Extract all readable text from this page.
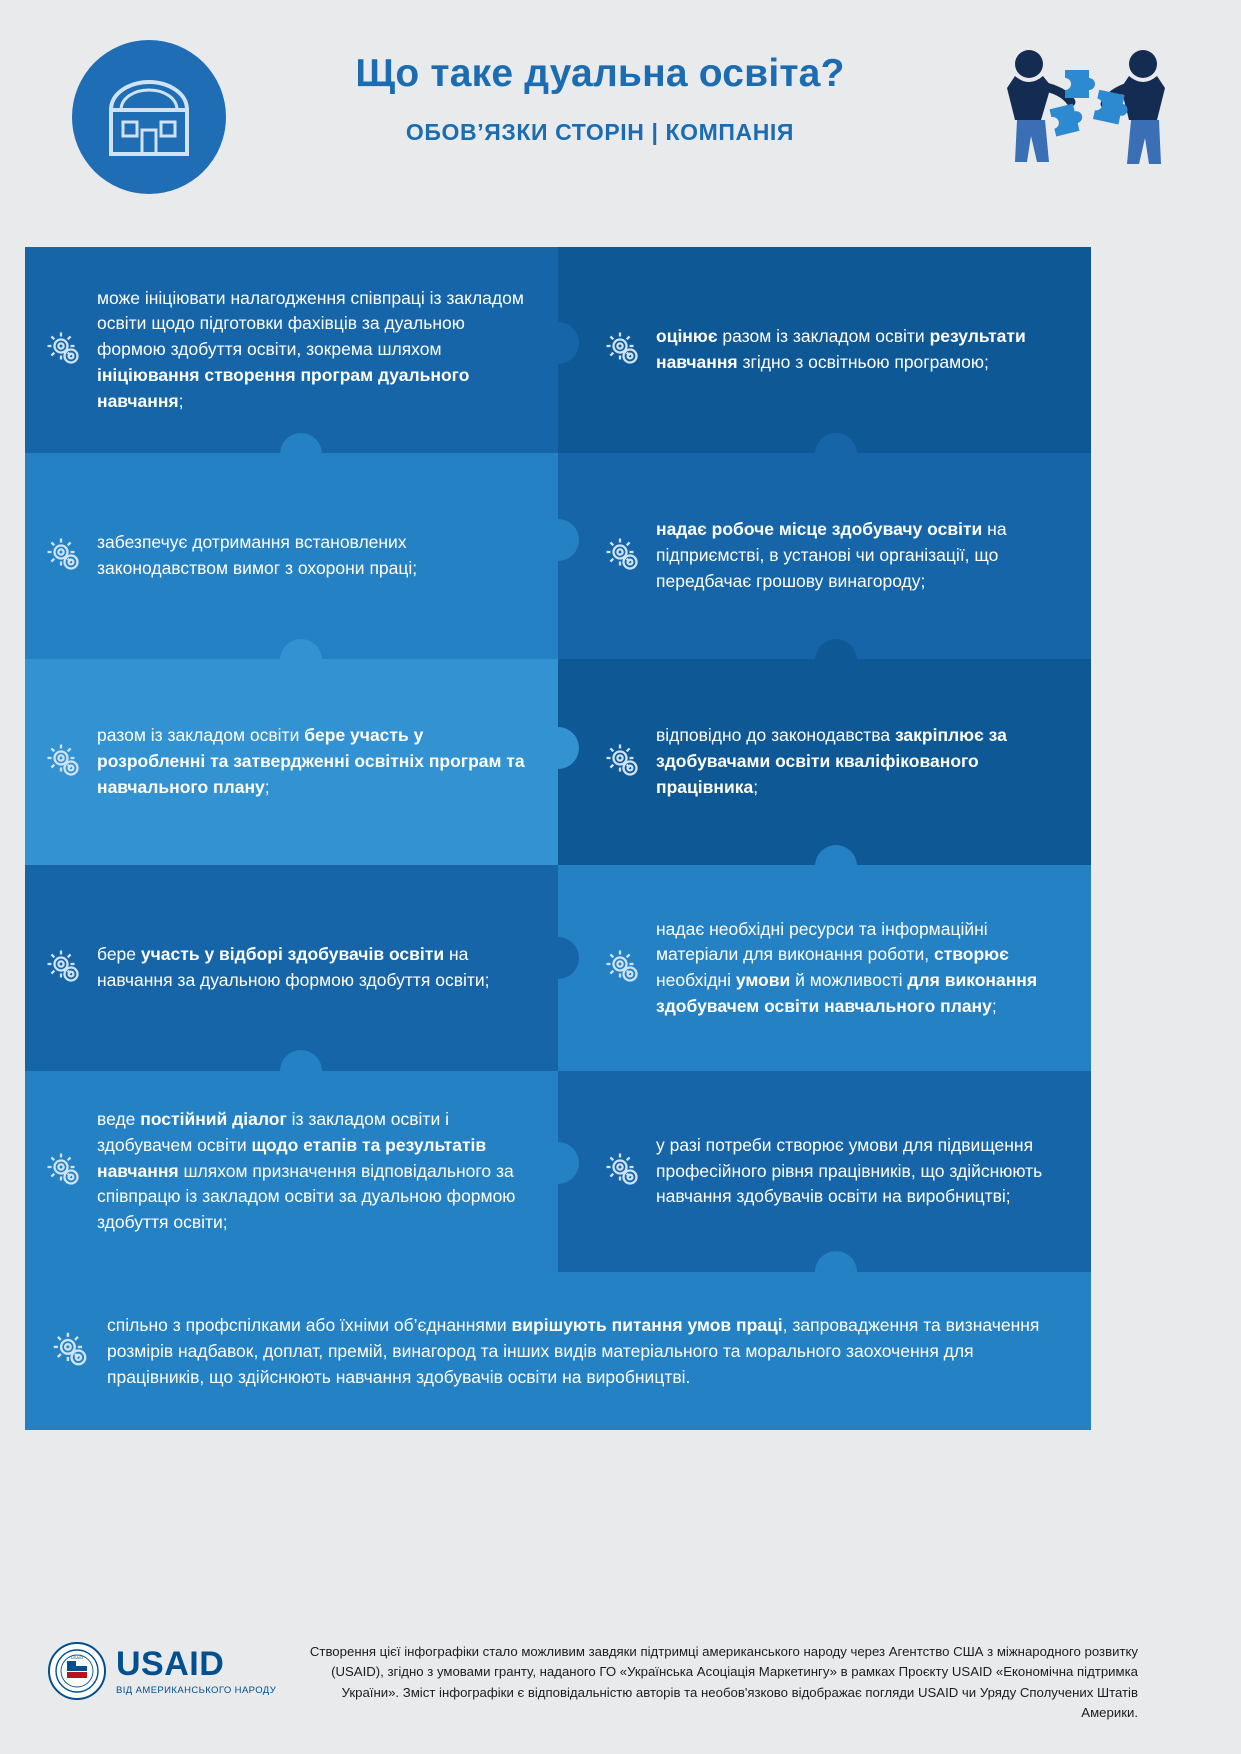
Що таке дуальна освіта?
ОБОВ’ЯЗКИ СТОРІН | КОМПАНІЯ
може ініціювати налагодження співпраці із закладом освіти щодо підготовки фахівців за дуальною формою здобуття освіти, зокрема шляхом ініціювання створення програм дуального навчання;
оцінює разом із закладом освіти результати навчання згідно з освітньою програмою;
забезпечує дотримання встановлених законодавством вимог з охорони праці;
надає робоче місце здобувачу освіти на підприємстві, в установі чи організації, що передбачає грошову винагороду;
разом із закладом освіти бере участь у розробленні та затвердженні освітніх програм та навчального плану;
відповідно до законодавства закріплює за здобувачами освіти кваліфікованого працівника;
бере участь у відборі здобувачів освіти на навчання за дуальною формою здобуття освіти;
надає необхідні ресурси та інформаційні матеріали для виконання роботи, створює необхідні умови й можливості для виконання здобувачем освіти навчального плану;
веде постійний діалог із закладом освіти і здобувачем освіти щодо етапів та результатів навчання шляхом призначення відповідального за співпрацю із закладом освіти за дуальною формою здобуття освіти;
у разі потреби створює умови для підвищення професійного рівня працівників, що здійснюють навчання здобувачів освіти на виробництві;
спільно з профспілками або їхніми об’єднаннями вирішують питання умов праці, запровадження та визначення розмірів надбавок, доплат, премій, винагород та інших видів матеріального та морального заохочення для працівників, що здійснюють навчання здобувачів освіти на виробництві.
USAID USAID
ВІД АМЕРИКАНСЬКОГО НАРОДУ
Створення цієї інфографіки стало можливим завдяки підтримці американського народу через Агентство США з міжнародного розвитку (USAID), згідно з умовами гранту, наданого ГО «Українська Асоціація Маркетингу» в рамках Проєкту USAID «Економічна підтримка України». Зміст інфографіки є відповідальністю авторів та необов'язково відображає погляди USAID чи Уряду Сполучених Штатів Америки.
